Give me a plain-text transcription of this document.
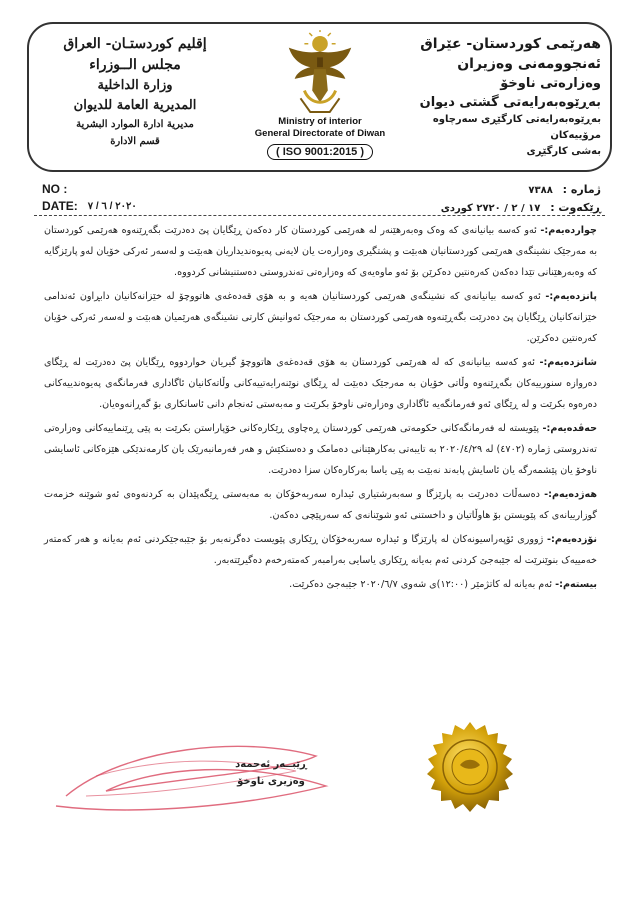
هەرێمی کوردستان- عێراق
ئەنجوومەنی وەزیران
وەزارەتی ناوخۆ
بەڕێوەبەرایەتی گشتی دیوان
بەڕێوەبەرایەتی کارگێڕی سەرچاوە مرۆییەکان
بەشی کارگێڕی
Ministry of interior
General Directorate of Diwan
( ISO 9001:2015 )
إقليم كوردستـان- العراق
مجلس الــوزراء
وزارة الداخلية
المديرية العامة للديوان
مديرية ادارة الموارد البشرية
قسم الادارة
NO :
DATE: ٢٠٢٠ / ٦ / ٧
ژمارە : ٧٣٨٨
ڕێکەوت : ١٧ / ٢ / ٢٧٢٠ کوردی

چواردەیەم:- ئەو کەسە بیانیانەی کە وەک وەبەرهێنەر لە هەرێمی کوردستان کار دەکەن ڕێگایان پێ دەدرێت بگەڕێنەوە هەرێمی کوردستان بە مەرجێک نشینگەی هەرێمی کوردستانیان هەبێت و پشتگیری وەزارەت یان لایەنی پەیوەندیداریان هەبێت و لەسەر ئەرکی خۆیان لەو پارێزگایە کە وەبەرهێنانی تێدا دەکەن کەرەنتین دەکرێن بۆ ئەو ماوەیەی کە وەزارەتی تەندروستی دەستنیشانی کردووە.

پانزدەیەم:- ئەو کەسە بیانیانەی کە نشینگەی هەرێمی کوردستانیان هەیە و بە هۆی قەدەغەی هاتووچۆ لە خێزانەکانیان دابڕاون ئەندامی خێزانەکانیان ڕێگایان پێ دەدرێت بگەڕێنەوە هەرێمی کوردستان بە مەرجێک ئەوانیش کارتی نشینگەی هەرێمیان هەبێت و لەسەر ئەرکی خۆیان کەرەنتین دەکرێن.

شانزدەیەم:- ئەو کەسە بیانیانەی کە لە هەرێمی کوردستان بە هۆی قەدەغەی هاتووچۆ گیریان خواردووە ڕێگایان پێ دەدرێت لە ڕێگای دەروازە سنورییەکان بگەڕێنەوە وڵاتی خۆیان بە مەرجێک دەبێت لە ڕێگای نوێنەرایەتییەکانی وڵاتەکانیان ئاگاداری فەرمانگەی پەیوەندییەکانی دەرەوە بکرێت و لە ڕێگای ئەو فەرمانگەیە ئاگاداری وەزارەتی ناوخۆ بکرێت و مەبەستی ئەنجام دانی ئاسانکاری بۆ گەڕانەوەیان.

حەڤدەیەم:- پێویستە لە فەرمانگەکانی حکومەتی هەرێمی کوردستان ڕەچاوی ڕێکارەکانی خۆپاراستن بکرێت بە پێی ڕێنماییەکانی وەزارەتی تەندروستی ژمارە (٤٧٠٢) لە ٢٠٢٠/٤/٢٩ بە تایبەتی بەکارهێنانی دەمامک و دەستکێش و هەر فەرمانبەرێک یان کارمەندێکی هێزەکانی ئاسایشی ناوخۆ یان پێشمەرگە یان ئاسایش پابەند نەبێت بە پێی یاسا بەرکارەکان سزا دەدرێت.

هەژدەیەم:- دەسەڵات دەدرێت بە پارێزگا و سەبەرشتیاری ئیدارە سەربەخۆکان بە مەبەستی ڕێگەپێدان بە کردنەوەی ئەو شوێنە خزمەت گوزارییانەی کە پێویستن بۆ هاوڵاتیان و داخستنی ئەو شوێنانەی کە سەرپێچی دەکەن.

نۆزدەیەم:- ژووری ئۆپەراسیونەکان لە پارێزگا و ئیدارە سەربەخۆکان ڕێکاری پێویست دەگرنەبەر بۆ جێبەجێکردنی ئەم بەیانە و هەر کەمتەر خەمییەک بنوێنرێت لە جێبەجێ کردنی ئەم بەیانە ڕێکاری یاسایی بەرامبەر کەمتەرخەم دەگیرێتەبەر.

بیستەم:- ئەم بەیانە لە کاتژمێر (١٢:٠٠)ی شەوی ٢٠٢٠/٦/٧ جێبەجێ دەکرێت.

ڕێبــەر ئەحمەد
وەزیری ناوخۆ
